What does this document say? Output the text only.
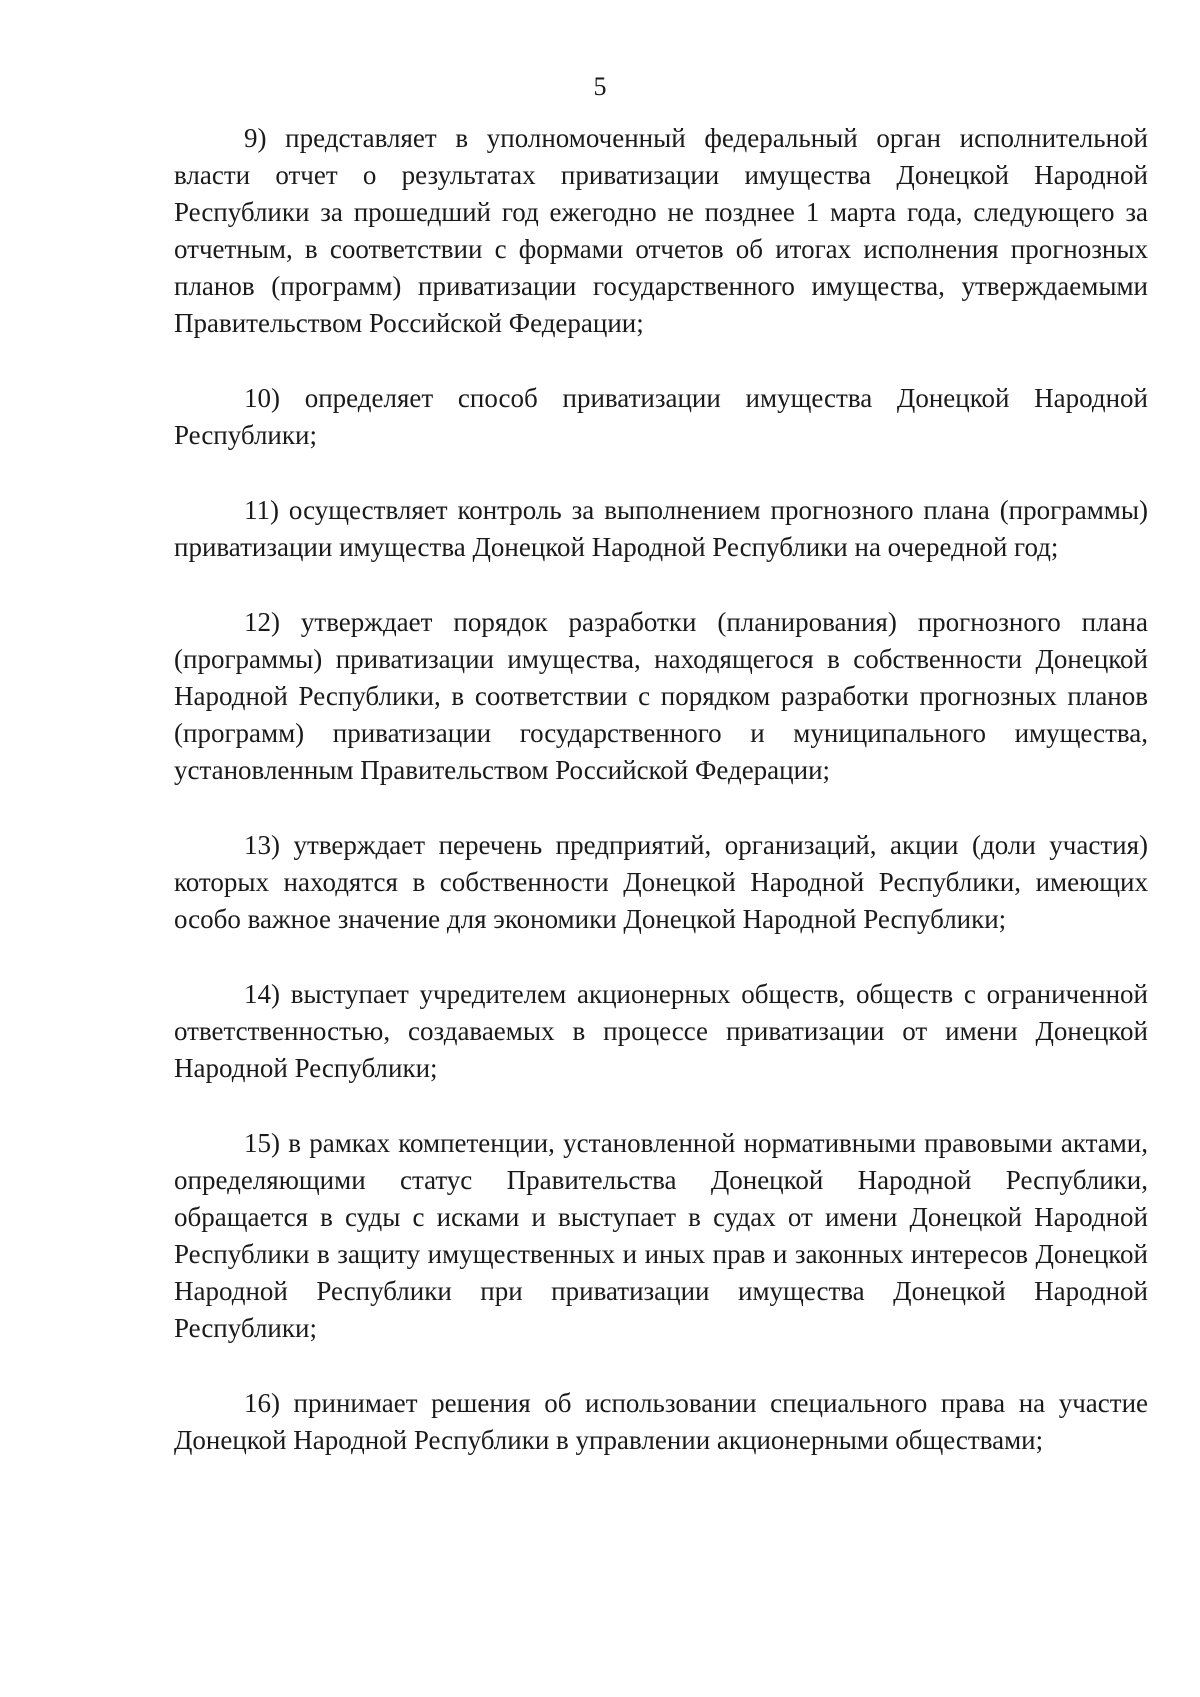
5

9) представляет в уполномоченный федеральный орган исполнительной власти отчет о результатах приватизации имущества Донецкой Народной Республики за прошедший год ежегодно не позднее 1 марта года, следующего за отчетным, в соответствии с формами отчетов об итогах исполнения прогнозных планов (программ) приватизации государственного имущества, утверждаемыми Правительством Российской Федерации;

10) определяет способ приватизации имущества Донецкой Народной Республики;

11) осуществляет контроль за выполнением прогнозного плана (программы) приватизации имущества Донецкой Народной Республики на очередной год;

12) утверждает порядок разработки (планирования) прогнозного плана (программы) приватизации имущества, находящегося в собственности Донецкой Народной Республики, в соответствии с порядком разработки прогнозных планов (программ) приватизации государственного и муниципального имущества, установленным Правительством Российской Федерации;

13) утверждает перечень предприятий, организаций, акции (доли участия) которых находятся в собственности Донецкой Народной Республики, имеющих особо важное значение для экономики Донецкой Народной Республики;

14) выступает учредителем акционерных обществ, обществ с ограниченной ответственностью, создаваемых в процессе приватизации от имени Донецкой Народной Республики;

15) в рамках компетенции, установленной нормативными правовыми актами, определяющими статус Правительства Донецкой Народной Республики, обращается в суды с исками и выступает в судах от имени Донецкой Народной Республики в защиту имущественных и иных прав и законных интересов Донецкой Народной Республики при приватизации имущества Донецкой Народной Республики;

16) принимает решения об использовании специального права на участие Донецкой Народной Республики в управлении акционерными обществами;
